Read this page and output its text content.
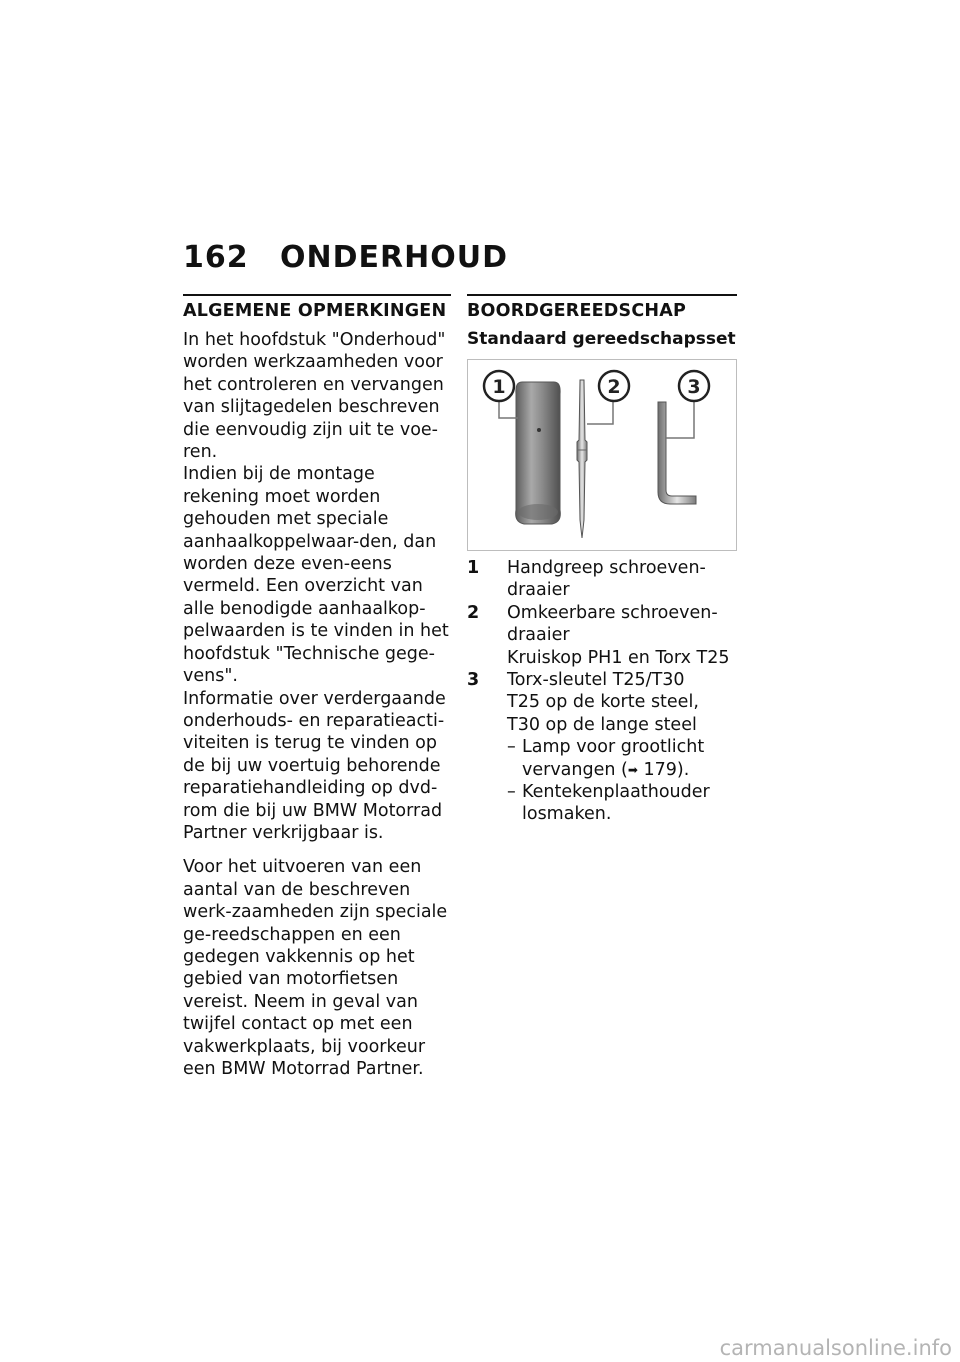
162 ONDERHOUD
ALGEMENE OPMERKINGEN

In het hoofdstuk "Onderhoud" worden werkzaamheden voor het controleren en vervangen van slijtagedelen beschreven die eenvoudig zijn uit te voe-ren.

Indien bij de montage rekening moet worden gehouden met speciale aanhaalkoppelwaar-den, dan worden deze even-eens vermeld. Een overzicht van alle benodigde aanhaalkop-pelwaarden is te vinden in het hoofdstuk "Technische gege-vens".

Informatie over verdergaande onderhouds- en reparatieacti-viteiten is terug te vinden op de bij uw voertuig behorende reparatiehandleiding op dvd-rom die bij uw BMW Motorrad Partner verkrijgbaar is.

Voor het uitvoeren van een aantal van de beschreven werk-zaamheden zijn speciale ge-reedschappen en een gedegen vakkennis op het gebied van motorfietsen vereist. Neem in geval van twijfel contact op met een vakwerkplaats, bij voorkeur een BMW Motorrad Partner.

BOORDGEREEDSCHAP
Standaard gereedschapsset
1	2	3
1	Handgreep schroeven-draaier
2	Omkeerbare schroeven-draaier
Kruiskop PH1 en Torx T25
3	Torx-sleutel T25/T30
T25 op de korte steel, T30 op de lange steel
– Lamp voor grootlicht vervangen (➡ 179).
– Kentekenplaathouder losmaken.
carmanualsonline.info
